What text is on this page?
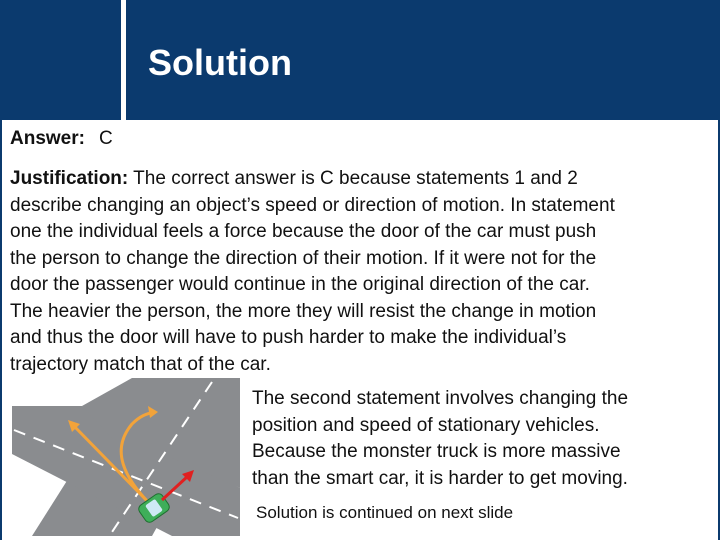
Solution
Answer: C
Justification: The correct answer is C because statements 1 and 2
describe changing an object’s speed or direction of motion. In statement
one the individual feels a force because the door of the car must push
the person to change the direction of their motion. If it were not for the
door the passenger would continue in the original direction of the car.
The heavier the person, the more they will resist the change in motion
and thus the door will have to push harder to make the individual’s
trajectory match that of the car.
The second statement involves changing the
position and speed of stationary vehicles.
Because the monster truck is more massive
than the smart car, it is harder to get moving.
Solution is continued on next slide
